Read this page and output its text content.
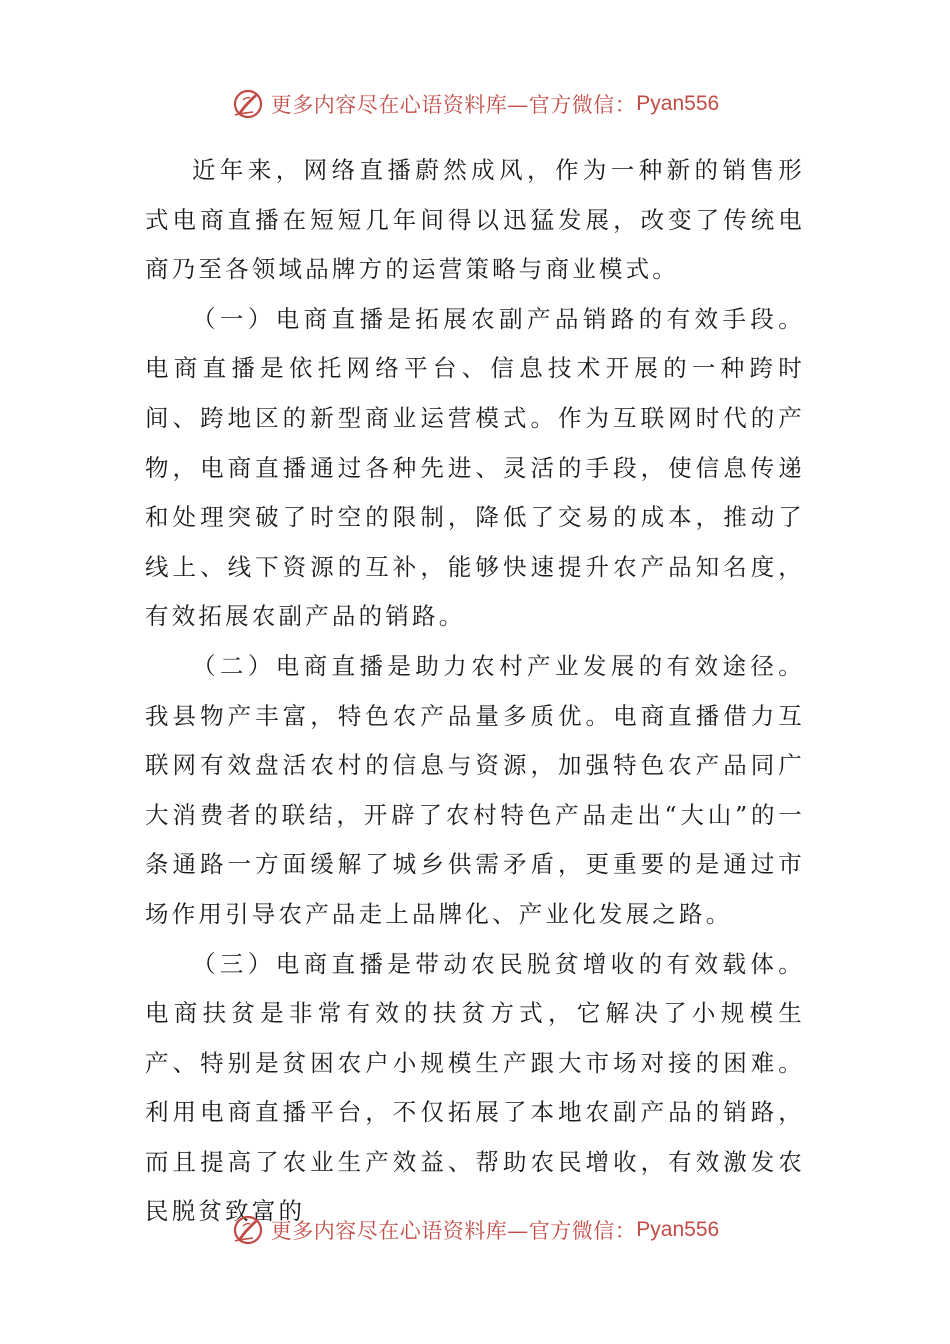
更多内容尽在心语资料库—官方微信： Pyan556

近年来，网络直播蔚然成风，作为一种新的销售形式电商直播在短短几年间得以迅猛发展，改变了传统电商乃至各领域品牌方的运营策略与商业模式。

（一）电商直播是拓展农副产品销路的有效手段。电商直播是依托网络平台、信息技术开展的一种跨时间、跨地区的新型商业运营模式。作为互联网时代的产物，电商直播通过各种先进、灵活的手段，使信息传递和处理突破了时空的限制，降低了交易的成本，推动了线上、线下资源的互补，能够快速提升农产品知名度，有效拓展农副产品的销路。

（二）电商直播是助力农村产业发展的有效途径。我县物产丰富，特色农产品量多质优。电商直播借力互联网有效盘活农村的信息与资源，加强特色农产品同广大消费者的联结，开辟了农村特色产品走出“大山”的一条通路一方面缓解了城乡供需矛盾，更重要的是通过市场作用引导农产品走上品牌化、产业化发展之路。

（三）电商直播是带动农民脱贫增收的有效载体。电商扶贫是非常有效的扶贫方式，它解决了小规模生产、特别是贫困农户小规模生产跟大市场对接的困难。利用电商直播平台，不仅拓展了本地农副产品的销路，而且提高了农业生产效益、帮助农民增收，有效激发农民脱贫致富的

更多内容尽在心语资料库—官方微信： Pyan556
